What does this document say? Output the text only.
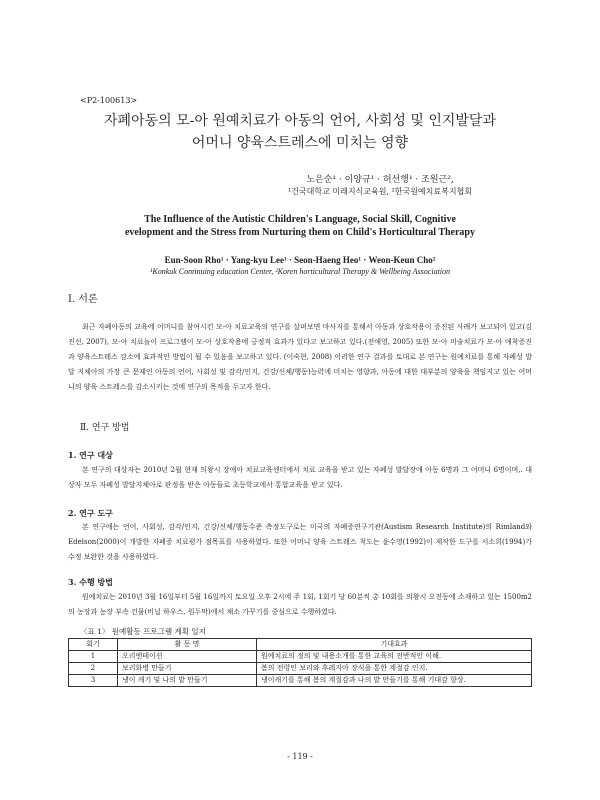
<P2-100613>
자폐아동의 모-아 원예치료가 아동의 언어, 사회성 및 인지발달과
어머니 양육스트레스에 미치는 영향
노은순¹ · 이양규¹ · 허선행¹ · 조원근²,
¹건국대학교 미래지식교육원, ²한국원예치료복지협회
The Influence of the Autistic Children's Language, Social Skill, Cognitive
evelopment and the Stress from Nurturing them on Child's Horticultural Therapy
Eun-Soon Rho¹ · Yang-kyu Lee¹ · Seon-Haeng Heo¹ · Weon-Keun Cho²
¹Konkuk Continuing education Center, ²Koren horticultural Therapy & Wellbeing Association
Ⅰ. 서론
최근 자폐아동의 교육에 어머니를 참여시킨 모-아 치료교육의 연구를 살펴보면 마사지를 통해서 아동과 상호작용이 증진된 사례가 보고되어 있고(김진선, 2007), 모-아 치료놀이 프로그램이 모-아 상호작용에 긍정적 효과가 있다고 보고하고 있다.(전애영, 2005) 또한 모-아 미술치료가 모-아 애착증진과 양육스트레스 감소에 효과적인 방법이 될 수 있음을 보고하고 있다. (이숙현, 2008) 이러한 연구 결과를 토대로 본 연구는 원예치료를 통해 자폐성 발달 지체아의 가장 큰 문제인 아동의 언어, 사회성 및 감각/인지, 건강/신체/행동)능력에 미치는 영향과, 아동에 대한 대부분의 양육을 책임지고 있는 어머니의 양육 스트레스를 감소시키는 것에 연구의 목적을 두고자 한다.
Ⅱ. 연구 방법
1. 연구 대상
본 연구의 대상자는 2010년 2월 현재 의왕시 장애아 치료교육센터에서 치료 교육을 받고 있는 자폐성 발달장애 아동 6명과 그 어머니 6명이며,. 대상자 모두 자폐성 발달지체아로 판정을 받은 아동들로 초등학교에서 통합교육을 받고 있다.
2. 연구 도구
본 연구에는 언어, 사회성, 감각/인지, 건강/신체/행동수준 측정도구로는 미국의 자폐증연구기관(Austism Research Institute)의 Rimland와 Edelson(2000)이 개발한 자폐증 치료평가 점목표를 사용하였다. 또한 어머니 양육 스트레스 척도는 윤수영(1992)이 제작한 도구를 서소희(1994)가 수정 보완한 것을 사용하였다.
3. 수행 방법
원예치료는 2010년 3월 16일부터 5월 16일까지 토요일 오후 2시에 주 1회, 1회기 당 60분씩 총 10회를 의왕시 오전동에 소재하고 있는 1500m2 의 농장과 농장 부속 건물(비닐 하우스, 원두막)에서 채소 가꾸기를 중심으로 수행하였다.
〈표 1〉 원예활동 프로그램 계획 일지
회기	활 동 명	기대효과
1	오리엔테이션	원예치료의 정의 및 내용소개를 통한 교육의 전반적인 이해.
2	보리화병 만들기	봄의 전령인 보리와 후레지아 장식을 통한 계절감 인지.
3	냉이 캐기 및 나의 밭 만들기	냉이캐기를 통해 봄의 계절감과 나의 밭 만들기를 통해 기대감 향상.
- 119 -
